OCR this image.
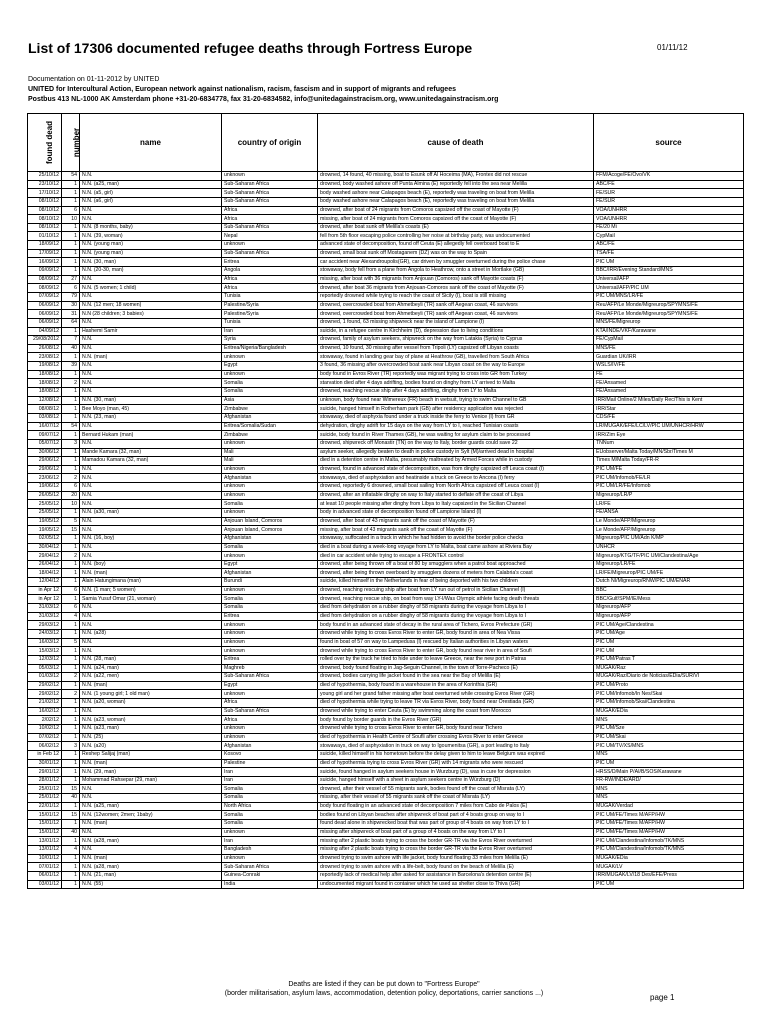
List of 17306 documented refugee deaths through Fortress Europe	01/11/12
Documentation on 01-11-2012 by UNITED
UNITED for Intercultural Action, European network against nationalism, racism, fascism and in support of migrants and refugees
Postbus 413 NL-1000 AK Amsterdam phone +31-20-6834778, fax 31-20-6834582, info@unitedagainstracism.org, www.unitedagainstracism.org
found dead	number	name	country of origin	cause of death	source
25/10/12	54	N.N.	unknown	drowned, 14 found, 40 missing, boat to Esunk off Al Hoceima (MA), Frontex did not rescue	FFM/Acoge/FE/Ovo/VK
23/10/12	1	N.N. (a25, man)	Sub-Saharan Africa	drowned, body washed ashore off Punta Almina (E) reportedly fell into the sea near Melilla	ABC/FE
17/10/12	1	N.N. (a5, girl)	Sub-Saharan Africa	body washed ashore near Calapagos beach (E), reportedly was traveling on boat from Melilla	FE/SUR
08/10/12	1	N.N. (a6, girl)	Sub-Saharan Africa	body washed ashore near Calapagos beach (E), reportedly was traveling on boat from Melilla	FE/SUR
08/10/12	6	N.N.	Africa	drowned, after boat of 24 migrants from Comoros capsized off the coast of Mayotte (F)	VOA/UNHRR
08/10/12	10	N.N.	Africa	missing, after boat of 24 migrants from Comoros capsized off the coast of Mayotte (F)	VOA/UNHRR
08/10/12	1	N.N. (8 months, baby)	Sub-Saharan Africa	drowned, after boat sunk off Melilla's coasts (E)	FE/20 Mi
01/10/12	1	N.N. (39, woman)	Nepal	fell from 5th floor escaping police controlling her noise at birthday party, was undocumented	CypMail
18/09/12	1	N.N. (young man)	unknown	advanced state of decomposition, found off Ceuta (E) allegedly fell overboard boat to E	ABC/FE
17/09/12	1	N.N. (young man)	Sub-Saharan Africa	drowned, small boat sunk off Mostaganem (DZ) was on the way to Spain	TSA/FE
16/09/12	1	N.N. (30, man)	Eritrea	car accident near Alexandroupolis(GR), car driven by smuggler overturned during the police chase	PIC UM
09/09/12	1	N.N. (20-30, man)	Angola	stowaway, body fell from a plane from Angola to Heathrow, onto a street in Mortlake (GB)	BBC/IRR/Evening Standard/MNS
08/09/12	27	N.N.	Africa	missing, after boat with 36 migrants from Anjouan (Comoros) sank off Mayotte coasts (F)	Universal/AFP
08/09/12	6	N.N. (5 women; 1 child)	Africa	drowned, after boat 36 migrants from Anjouan-Comoros sank off the coast of Mayotte (F)	Universal/AFP/PIC UM
07/09/12	79	N.N.	Tunisia	reportedly drowned while trying to reach the coast of Sicily (I), boat is still missing	PIC UM/MNS/LR/FE
06/09/12	30	N.N. (12 men; 18 women)	Palestine/Syria	drowned, overcrowded boat from Ahmetbeyli (TR) sank off Aegean coast, 46 survivors	Reu/AFP/Le Monde/Migreurop/SPYMNS/FE
06/09/12	31	N.N (28 children; 3 babies)	Palestine/Syria	drowned, overcrowded boat from Ahmetbeyli (TR) sank off Aegean coast, 46 survivors	Reu/AFP/Le Monde/Migreurop/SPYMNS/FE
06/09/12	64	N.N.	Tunisia	drowned, 1 found, 63 missing shipwreck near the island of Lampione (I)	MNS/FE/Migreurop
04/09/12	1	Hashemi Samir	Iran	suicide, in a refugee centre in Kirchheim (D), depression due to living conditions	KTA/INDE/VKF/Karawane
29/08/2012	7	N.N.	Syria	drowned, family of asylum seekers, shipwreck on the way from Latakia (Syria) to Cyprus	FE/CypMail
26/08/12	40	N.N.	Eritrea/Nigeria/Bangladesh	drowned, 10 found, 30 missing after vessel from Tripoli (LY) capsized off Libyan coasts	MNS/FE
23/08/12	1	N.N. (man)	unknown	stowaway, found in landing gear bay of plane at Heathrow (GB), travelled from South Africa	Guardian UK/IRR
19/08/12	39	N.N.	Egypt	3 found, 36 missing after overcrowded boat sank near Libyan coast on the way to Europe	WSLS/IV/FE
18/08/12	1	N.N.	unknown	body found in Evros River (TR) reportedly was migrant trying to cross into GR from Turkey	FE
18/08/12	2	N.N.	Somalia	starvation died after 4 days adrifting, bodies found on dinghy from LY arrived to Malta	FE/Ansamed
18/08/12	1	N.N.	Somalia	drowned, reaching rescue ship after 4 days adrifting, dinghy from LY to Malta	FE/Ansamed
12/08/12	1	N.N. (30, man)	Asia	unknown, body found near Wimereux (FR) beach in wetsuit, trying to swim Channel to GB	IRR/Mail Online/2 Miles/Daily Rec/This is Kent
08/08/12	1	Bee Moyo (man, 45)	Zimbabwe	suicide, hanged himself in Rotherham park (GB) after residency application was rejected	IRR/Star
03/08/12	1	N.N. (23, man)	Afghanistan	stowaway, died of asphyxia found under a truck inside the ferry to Venice (I) from GR	CDS/FE
16/07/12	54	N.N.	Eritrea/Somalia/Sudan	dehydration, dinghy adrift for 15 days on the way from LY to I, reached Tunisian coasts	LR/MUGAK/EFE/LC/LV/PIC UM/UNHCR/HRW
09/07/12	1	Bernard Hukam (man)	Zimbabwe	suicide, body found in River Thames (GB), he was waiting for asylum claim to be processed	IRR/Zim Eye
05/07/12	3	N.N.	unknown	drowned, shipwreck off Monastir (TN) on the way to Italy, border guards could save 22	TNNum
30/06/12	1	Mande Kamara (32, man)	Mali	asylum seeker, allegedly beaten to death in police custody in Sylt (M)/arrived dead in hospital	EUobserver/Malta Today/MN/Sbr/Times M
29/06/12	1	Mamadou Kamara (32, man)	Mali	died in a detention centre in Malta, presumably maltreated by Armed Forces while in custody	Times M/Malta Today/FR-R
29/06/12	1	N.N.	unknown	drowned, found in advanced state of decomposition, was from dinghy capsized off Leuca coast (I)	PIC UM/FE
23/06/12	2	N.N.	Afghanistan	stowaways, died of asphyxiation and heatinside a truck on Greece to Ancona (I) ferry	PIC UM/Infomob/FE/LR
19/06/12	6	N.N.	unknown	drowned, reportedly 6 drowned, small boat sailing from North Africa capsized off Leuca coast (I)	PIC UM/LR/FE/Infomob
26/05/12	20	N.N.	unknown	drowned, after an inflatable dinghy on way to Italy started to deflate off the coast of Libya	Migreurop/LR/P
25/05/12	10	N.N.	Somalia	at least 10 people missing after dinghy from Libya to Italy capsized in the Sicilian Channel	LR/FE
25/05/12	1	N.N. (a30, man)	unknown	body in advanced state of decomposition found off Lampione Island (I)	FE/ANSA
19/05/12	5	N.N.	Anjouan Island, Comoros	drowned, after boat of 43 migrants sank off the coast of Mayotte (F)	Le Monde/AFP/Migreurop
19/05/12	15	N.N.	Anjouan Island, Comoros	missing, after boat of 43 migrants sank off the coast of Mayotte (F)	Le Monde/AFP/Migreurop
02/05/12	1	N.N. (16, boy)	Afghanistan	stowaway, suffocated in a truck in which he had hidden to avoid the border police checks	Migreurop/PIC UM/Adn K/MP
30/04/12	1	N.N.	Somalia	died in a boat during a week-long voyage from LY to Malta, boat came ashore at Riviera Bay	UNHCR
29/04/12	2	N.N.	unknown	died in car accident while trying to escape a FRONTEX control	Migreurop/KTG/TF/PIC UM/Clandestina/Age
26/04/12	1	N.N. (boy)	Egypt	drowned, after being thrown off a boat of 80 by smugglers when a patrol boat approached	Migreurop/LR/FE
18/04/12	1	N.N. (man)	Afghanistan	drowned, after being thrown overboard by smugglers dozens of meters from Calabria's coast	LR/FE/Migreurop/PIC UM/FE
12/04/12	1	Alain Hatungimana (man)	Burundi	suicide, killed himself in the Netherlands in fear of being deported with his two children	Dutch NI/Migreurop/RNW/PIC UM/ENAR
in Apr 12	6	N.N. (1 man; 5 women)	unknown	drowned, reaching rescuing ship after boat from LY run out of petrol in Sicilian Channel (I)	BBC
in Apr 12	1	Samia Yusuf Omar (21, woman)	Somalia	drowned, reaching rescue ship, on boat from way LY-I/Was Olympic athlete facing death threats	BBC/Gulf/SPM/IE/Mess
31/03/12	6	N.N.	Somalia	died from dehydration on a rubber dinghy of 58 migrants during the voyage from Libya to I	Migreurop/AFP
31/03/12	4	N.N.	Eritrea	died from dehydration on a rubber dinghy of 58 migrants during the voyage from Libya to I	Migreurop/AFP
29/03/12	1	N.N.	unknown	body found in an advanced state of decay in the rural area of Tichero, Evros Prefecture (GR)	PIC UM/Age/Clandestina
24/03/12	1	N.N. (a28)	unknown	drowned while trying to cross Evros River to enter GR, body found in area of Nea Vissa	PIC UM/Age
16/03/12	5	N.N.	unknown	found in boat of 57 on way to Lampedusa (I) rescued by Italian authorities in Libyan waters	PIC UM
15/03/12	1	N.N.	unknown	drowned while trying to cross Evros River to enter GR, body found near river in area of Soufi	PIC UM
12/03/12	1	N.N. (28, man)	Eritrea	rolled over by the truck he tried to hide under to leave Greece, near the new port in Patras	PIC UM/Patras T
05/03/12	1	N.N. (a24, man)	Maghreb	drowned, body found floating in Jag-Seguin Channel, in the town of Torre-Pacheco (E)	MUGAK/Raz
01/03/12	2	N.N. (a22, men)	Sub-Saharan Africa	drowned, bodies carrying life jacket found in the sea near the Bay of Melilla (E)	MUGAK/Raz/Diario de Noticias/EDia/SUR/VI
29/02/12	1	N.N. (man)	Egypt	died of hypothermia, body found in a warehouse in the area of Korinthia (GR)	PIC UM/Proto
29/02/12	2	N.N. (1 young girl; 1 old man)	unknown	young girl and her grand father missing after boat overturned while crossing Evros River (GR)	PIC UM/Infomob/In Nes/Skai
21/02/12	1	N.N. (a20, woman)	Africa	died of hypothermia while trying to leave TR via Evros River, body found near Orestiada (GR)	PIC UM/Infomob/Skai/Clandestina
16/02/12	1	N.N.	Sub-Saharan Africa	drowned while trying to enter Ceuta (E) by swimming along the coast from Morocco	MUGAK/EDia
2/02/12	1	N.N. (a23, woman)	Africa	body found by border guards in the Evros River (GR)	MNS
10/02/12	1	N.N. (a23, man)	unknown	drowned while trying to cross Evros River to enter GR, body found near Tichero	PIC UM/Sze
07/02/12	1	N.N. (25)	unknown	died of hypothermia in Health Centre of Soufli after crossing Evros River to enter Greece	PIC UM/Skai
06/02/12	3	N.N. (a20)	Afghanistan	stowaways, died of asphyxiation in truck on way to Igoumenitsa (GR), a port leading to Italy	PIC UM/TV/XS/MNS
in Feb 12	1	Reshep Salijaj (man)	Kosovo	suicide, killed himself in his hometown before the delay given to him to leave Belgium was expired	MNS
30/01/12	1	N.N. (man)	Palestine	died of hypothermia trying to cross Evros River (GR) with 14 migrants who were rescued	PIC UM
29/01/12	1	N.N. (29, man)	Iran	suicide, found hanged in asylum seekers house in Wurzburg (D), was in cure for depression	HRSS/D/Main P/AI/B/SOS/Karawane
28/01/12	1	Mohammad Rahsepar (29, man)	Iran	suicide, hanged himself with a sheet in asylum seekers centre in Würzburg (D)	FR-RW/INDE/ARD/
25/01/12	15	N.N.	Somalia	drowned, after their vessel of 55 migrants sank, bodies found off the coast of Misrata (LY)	MNS
25/01/12	40	N.N.	Somalia	missing, after their vessel of 55 migrants sank off the coast of Misrata (LY)	MNS
22/01/12	1	N.N. (a25, man)	North Africa	body found floating in an advanced state of decomposition 7 miles from Cabo de Palos (E)	MUGAK/Verdad
15/01/12	15	N.N. (12women; 2men; 1baby)	Somalia	bodies found on Libyan beaches after shipwreck of boat part of 4 boats group on way to I	PIC UM/FE/Times M/AFP/HW
15/01/12	1	N.N. (man)	Somalia	found dead alone in shipwrecked boat that was part of group of 4 boats on way from LY to I	PIC UM/FE/Times M/AFP/HW
15/01/12	40	N.N.	unknown	missing after shipwreck of boat part of a group of 4 boats on the way from LY to I	PIC UM/FE/Times M/AFP/HW
13/01/12	1	N.N. (a28, man)	Iran	missing after 2 plastic boats trying to cross the border GR-TR via the Evros River overturned	PIC UM/Clandestina/Infomob/TK/MNS
13/01/12	4	N.N.	Bangladesh	missing after 2 plastic boats trying to cross the border GR-TR via the Evros River overturned	PIC UM/Clandestina/Infomob/TK/MNS
10/01/12	1	N.N. (man)	unknown	drowned trying to swim ashore with life jacket, body found floating 33 miles from Melilla (E)	MUGAK/EDia
07/01/12	1	N.N. (a28, man)	Sub-Saharan Africa	drowned trying to swim ashore with a life-belt, body found on the beach of Melilla (E)	MUGAK/LV
06/01/12	1	N.N. (21, man)	Guinea-Conraki	reportedly lack of medical help after asked for assistance in Barcelona's detention centre (E)	IRR/MUGAK/LV/18 Des/EFE/Press
03/01/12	1	N.N. (55)	India	undocumented migrant found in container which he used as shelter close to Thiva (GR)	PIC UM
Deaths are listed if they can be put down to "Fortress Europe"
(border militarisation, asylum laws, accommodation, detention policy, deportations, carrier sanctions ...)	page 1
